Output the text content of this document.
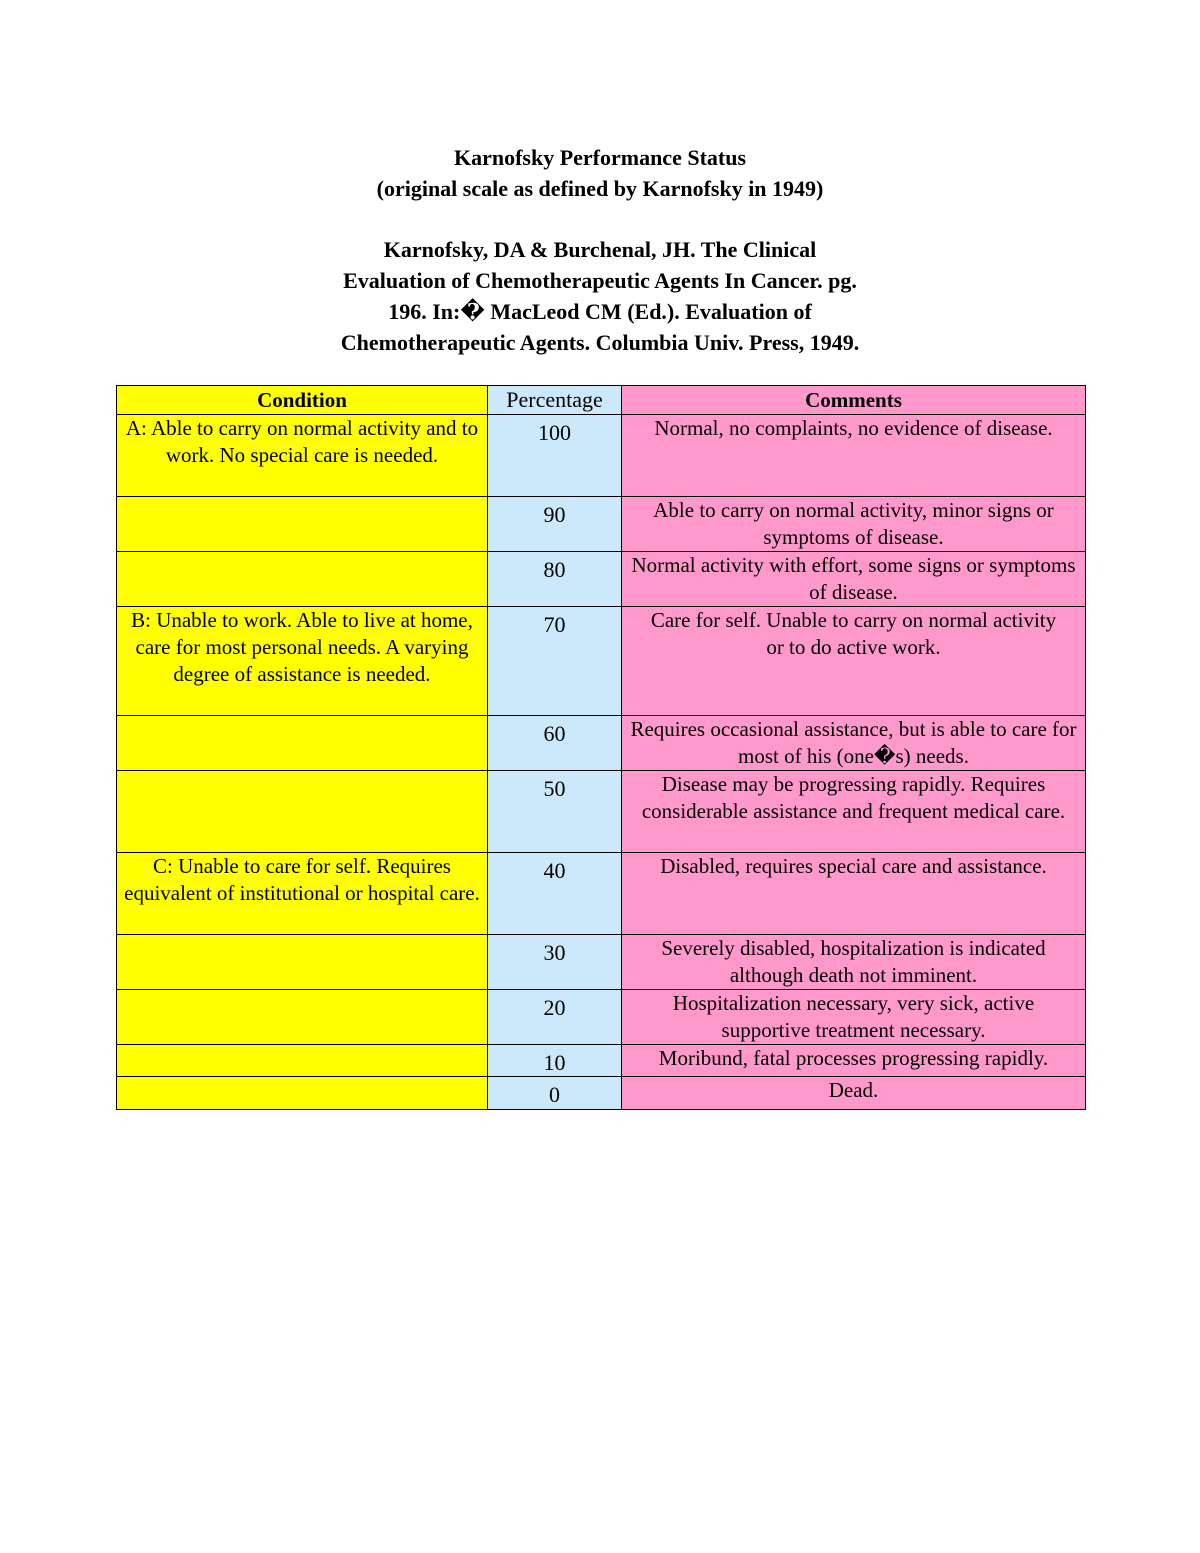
Karnofsky Performance Status
(original scale as defined by Karnofsky in 1949)
Karnofsky, DA & Burchenal, JH. The Clinical
Evaluation of Chemotherapeutic Agents In Cancer. pg.
196. In:� MacLeod CM (Ed.). Evaluation of
Chemotherapeutic Agents. Columbia Univ. Press, 1949.
Condition	Percentage	Comments
A: Able to carry on normal activity and to work. No special care is needed.	100	Normal, no complaints, no evidence of disease.
	90	Able to carry on normal activity, minor signs or symptoms of disease.
	80	Normal activity with effort, some signs or symptoms of disease.
B: Unable to work. Able to live at home, care for most personal needs. A varying degree of assistance is needed.	70	Care for self. Unable to carry on normal activity
or to do active work.
	60	Requires occasional assistance, but is able to care for most of his (one�s) needs.
	50	Disease may be progressing rapidly. Requires considerable assistance and frequent medical care.
C: Unable to care for self. Requires equivalent of institutional or hospital care.	40	Disabled, requires special care and assistance.
	30	Severely disabled, hospitalization is indicated although death not imminent.
	20	Hospitalization necessary, very sick, active supportive treatment necessary.
	10	Moribund, fatal processes progressing rapidly.
	0	Dead.
